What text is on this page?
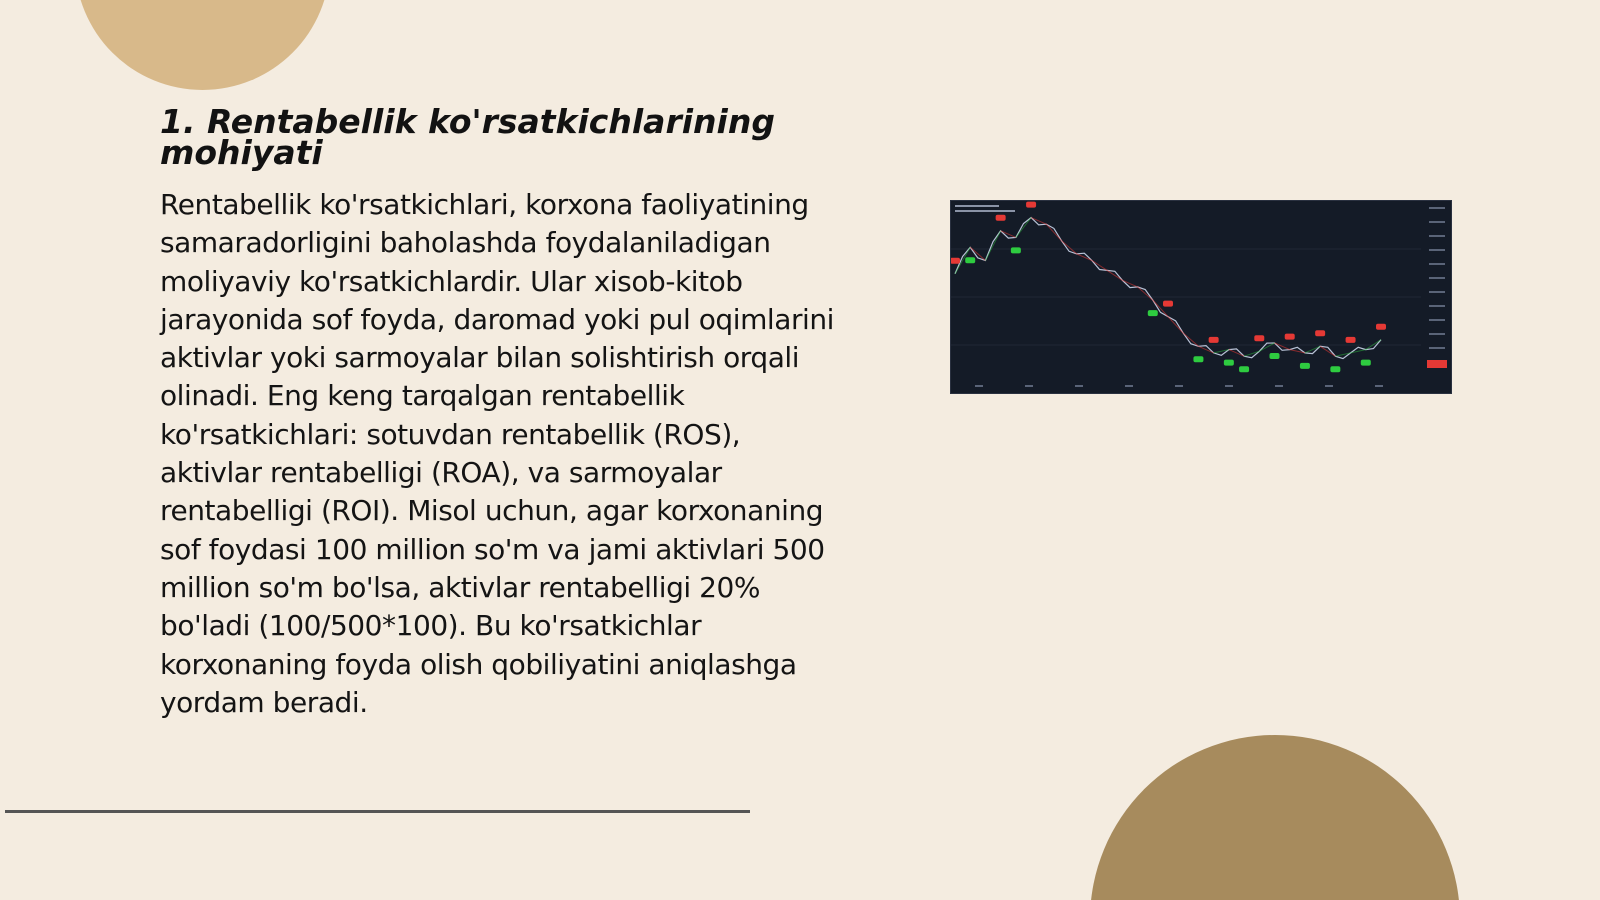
1. Rentabellik ko'rsatkichlarining mohiyati

Rentabellik ko'rsatkichlari, korxona faoliyatining samaradorligini baholashda foydalaniladigan moliyaviy ko'rsatkichlardir. Ular xisob-kitob jarayonida sof foyda, daromad yoki pul oqimlarini aktivlar yoki sarmoyalar bilan solishtirish orqali olinadi. Eng keng tarqalgan rentabellik ko'rsatkichlari: sotuvdan rentabellik (ROS), aktivlar rentabelligi (ROA), va sarmoyalar rentabelligi (ROI). Misol uchun, agar korxonaning sof foydasi 100 million so'm va jami aktivlari 500 million so'm bo'lsa, aktivlar rentabelligi 20% bo'ladi (100/500*100). Bu ko'rsatkichlar korxonaning foyda olish qobiliyatini aniqlashga yordam beradi.
